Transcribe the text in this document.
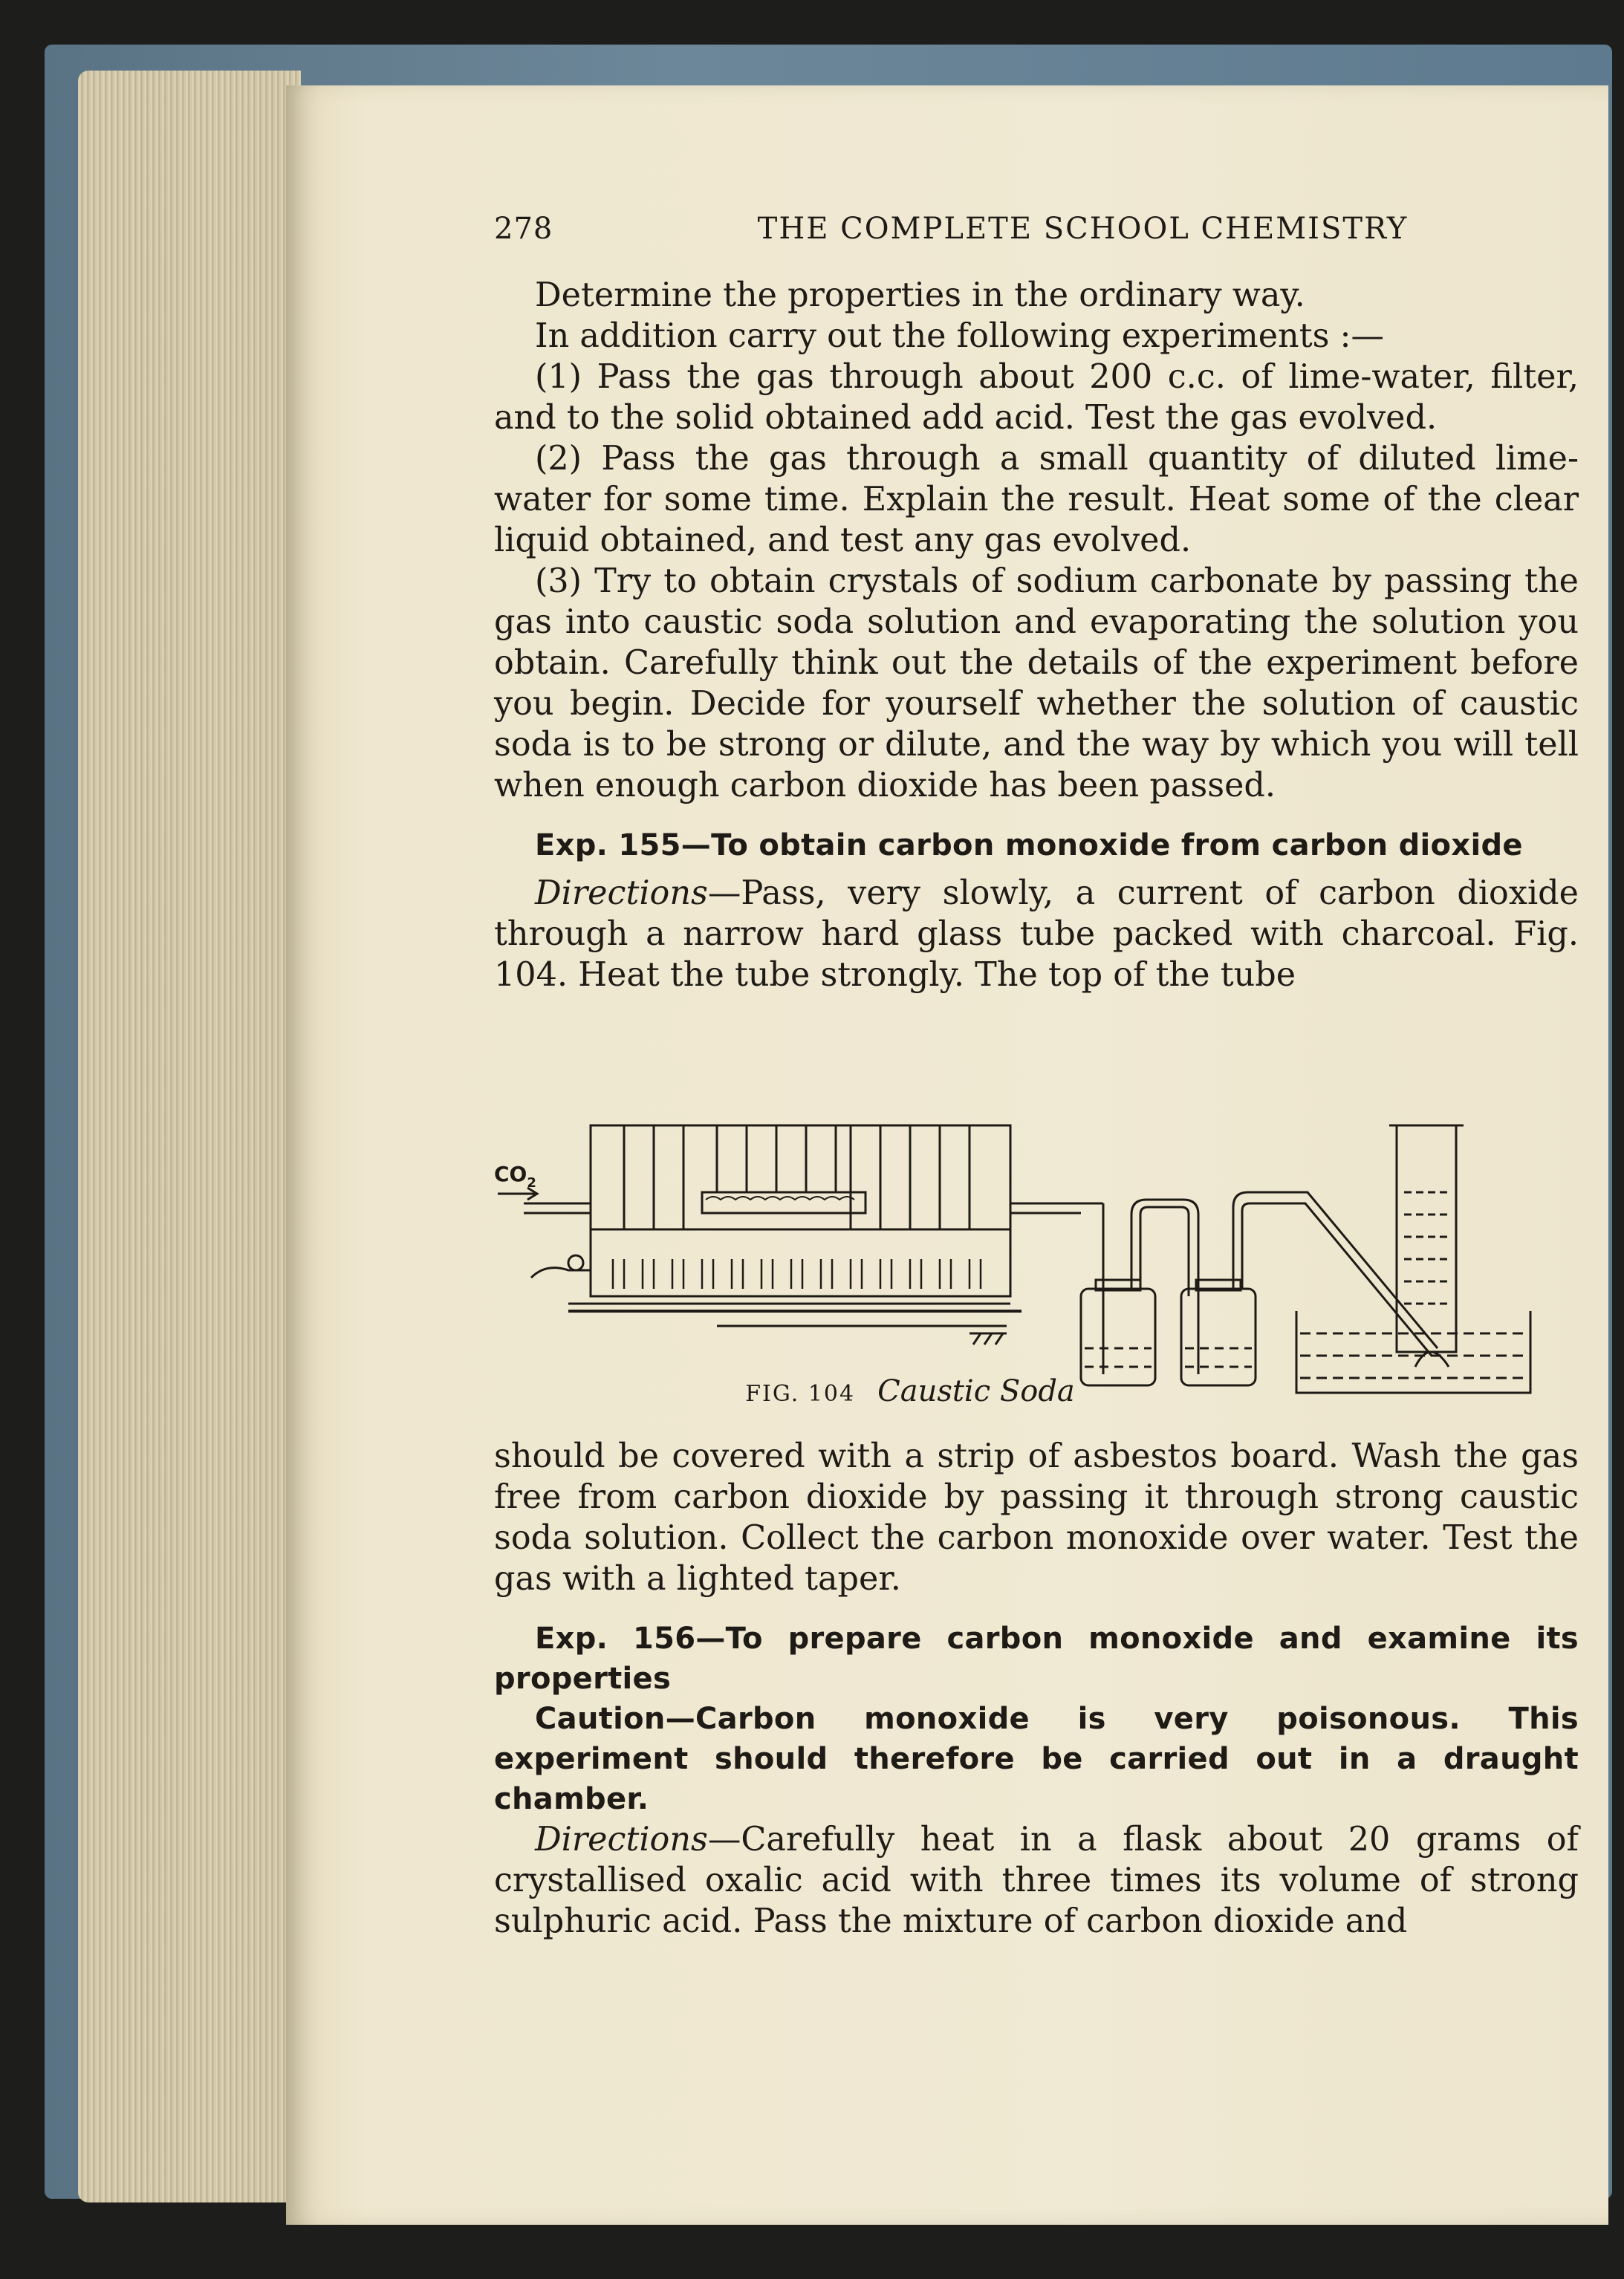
278	THE COMPLETE SCHOOL CHEMISTRY

Determine the properties in the ordinary way.

In addition carry out the following experiments :—

(1) Pass the gas through about 200 c.c. of lime-water, filter, and to the solid obtained add acid. Test the gas evolved.

(2) Pass the gas through a small quantity of diluted lime-water for some time. Explain the result. Heat some of the clear liquid obtained, and test any gas evolved.

(3) Try to obtain crystals of sodium carbonate by passing the gas into caustic soda solution and evaporating the solution you obtain. Carefully think out the details of the experiment before you begin. Decide for yourself whether the solution of caustic soda is to be strong or dilute, and the way by which you will tell when enough carbon dioxide has been passed.

Exp. 155—To obtain carbon monoxide from carbon dioxide

Directions—Pass, very slowly, a current of carbon dioxide through a narrow hard glass tube packed with charcoal. Fig. 104. Heat the tube strongly. The top of the tube

$CO_2$
FIG. 104 Caustic Soda

should be covered with a strip of asbestos board. Wash the gas free from carbon dioxide by passing it through strong caustic soda solution. Collect the carbon monoxide over water. Test the gas with a lighted taper.

Exp. 156—To prepare carbon monoxide and examine its properties

Caution—Carbon monoxide is very poisonous. This experiment should therefore be carried out in a draught chamber.

Directions—Carefully heat in a flask about 20 grams of crystallised oxalic acid with three times its volume of strong sulphuric acid. Pass the mixture of carbon dioxide and
